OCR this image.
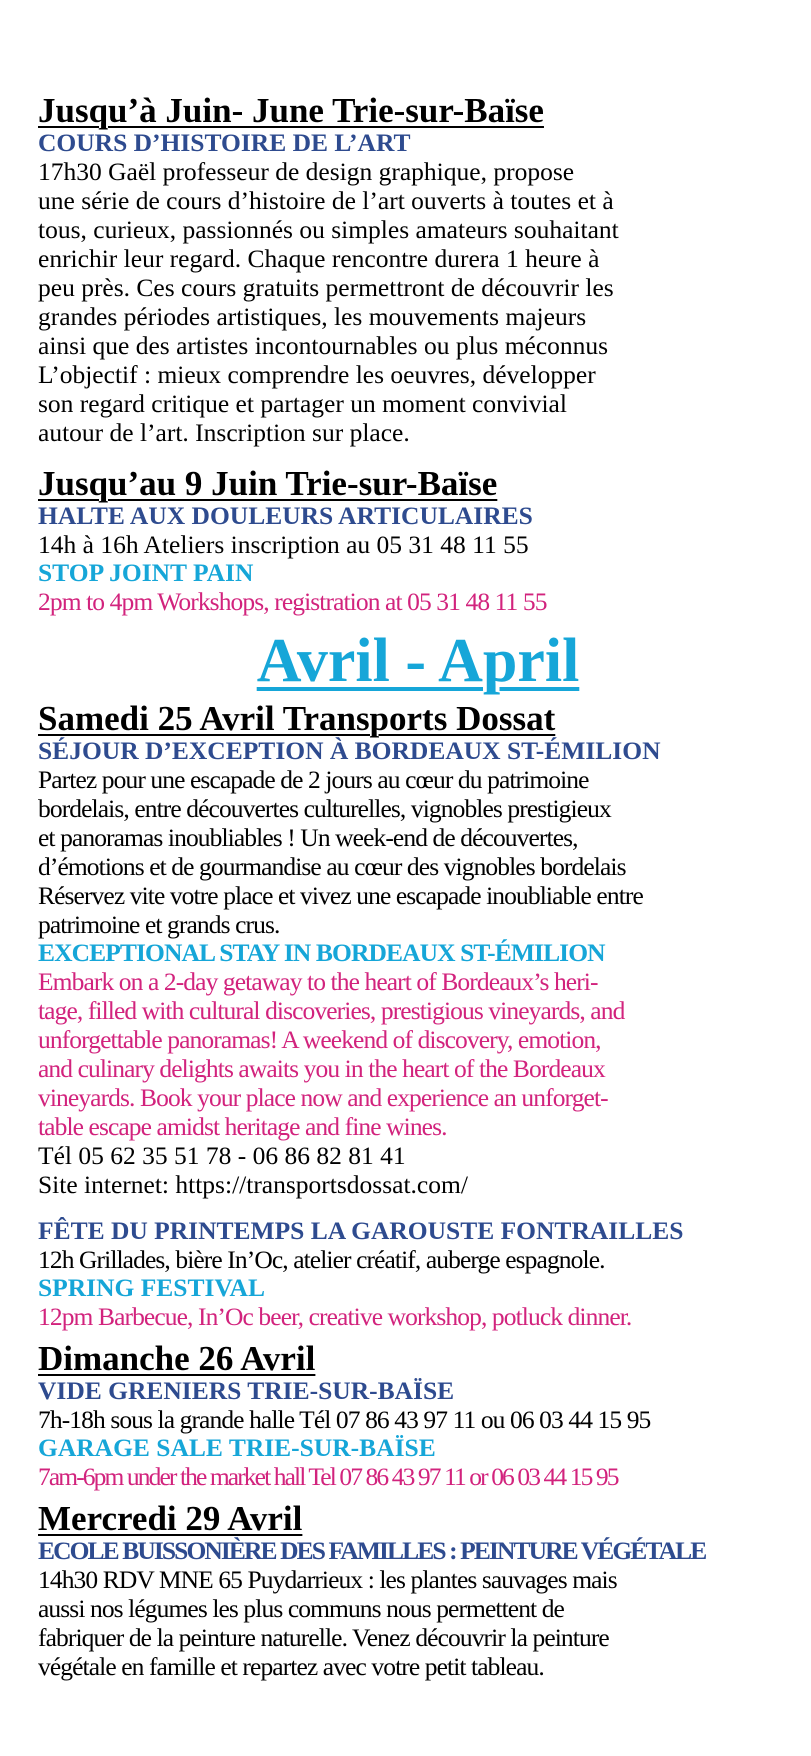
Jusqu’à Juin- June Trie-sur-Baïse

COURS D’HISTOIRE DE L’ART

17h30 Gaël professeur de design graphique, propose
une série de cours d’histoire de l’art ouverts à toutes et à
tous, curieux, passionnés ou simples amateurs souhaitant
enrichir leur regard. Chaque rencontre durera 1 heure à
peu près. Ces cours gratuits permettront de découvrir les
grandes périodes artistiques, les mouvements majeurs
ainsi que des artistes incontournables ou plus méconnus
L’objectif : mieux comprendre les oeuvres, développer
son regard critique et partager un moment convivial
autour de l’art. Inscription sur place.

Jusqu’au 9 Juin Trie-sur-Baïse

HALTE AUX DOULEURS ARTICULAIRES

14h à 16h Ateliers inscription au 05 31 48 11 55

STOP JOINT PAIN

2pm to 4pm Workshops, registration at 05 31 48 11 55

Avril - April
Samedi 25 Avril Transports Dossat

SÉJOUR D’EXCEPTION À BORDEAUX ST-ÉMILION

Partez pour une escapade de 2 jours au cœur du patrimoine
bordelais, entre découvertes culturelles, vignobles prestigieux
et panoramas inoubliables ! Un week-end de découvertes,
d’émotions et de gourmandise au cœur des vignobles bordelais
Réservez vite votre place et vivez une escapade inoubliable entre
patrimoine et grands crus.

EXCEPTIONAL STAY IN BORDEAUX ST-ÉMILION

Embark on a 2-day getaway to the heart of Bordeaux’s heri-
tage, filled with cultural discoveries, prestigious vineyards, and
unforgettable panoramas! A weekend of discovery, emotion,
and culinary delights awaits you in the heart of the Bordeaux
vineyards. Book your place now and experience an unforget-
table escape amidst heritage and fine wines.

Tél 05 62 35 51 78 - 06 86 82 81 41

Site internet: https://transportsdossat.com/

FÊTE DU PRINTEMPS LA GAROUSTE FONTRAILLES

12h Grillades, bière In’Oc, atelier créatif, auberge espagnole.

SPRING FESTIVAL

12pm Barbecue, In’Oc beer, creative workshop, potluck dinner.

Dimanche 26 Avril

VIDE GRENIERS TRIE-SUR-BAÏSE

7h-18h sous la grande halle Tél 07 86 43 97 11 ou 06 03 44 15 95

GARAGE SALE TRIE-SUR-BAÏSE

7am-6pm under the market hall Tel 07 86 43 97 11 or 06 03 44 15 95

Mercredi 29 Avril

ECOLE BUISSONIÈRE DES FAMILLES : PEINTURE VÉGÉTALE

14h30 RDV MNE 65 Puydarrieux : les plantes sauvages mais
aussi nos légumes les plus communs nous permettent de
fabriquer de la peinture naturelle. Venez découvrir la peinture
végétale en famille et repartez avec votre petit tableau.
